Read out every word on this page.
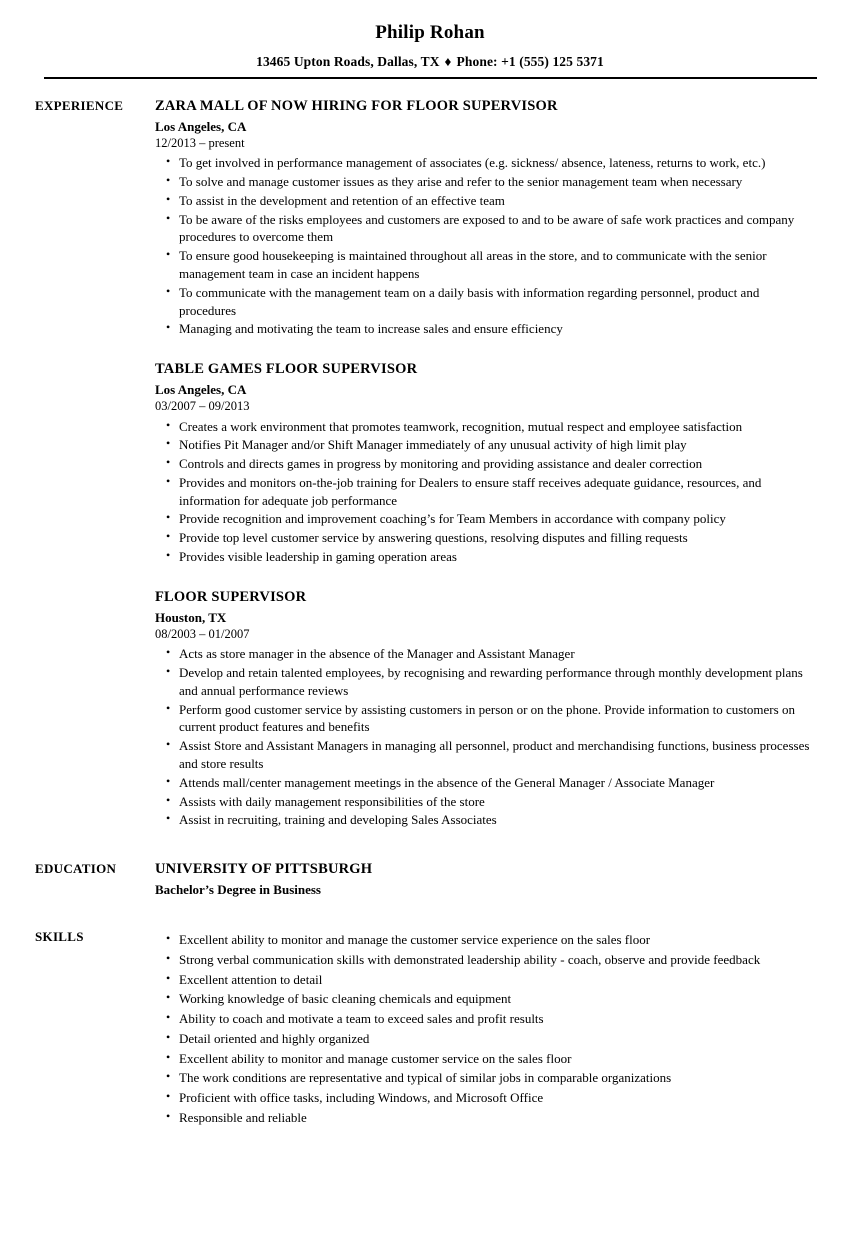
Philip Rohan
13465 Upton Roads, Dallas, TX ♦ Phone: +1 (555) 125 5371
EXPERIENCE	ZARA MALL OF NOW HIRING FOR FLOOR SUPERVISOR
Los Angeles, CA
12/2013 – present
• To get involved in performance management of associates (e.g. sickness/ absence, lateness, returns to work, etc.)
• To solve and manage customer issues as they arise and refer to the senior management team when necessary
• To assist in the development and retention of an effective team
• To be aware of the risks employees and customers are exposed to and to be aware of safe work practices and company procedures to overcome them
• To ensure good housekeeping is maintained throughout all areas in the store, and to communicate with the senior management team in case an incident happens
• To communicate with the management team on a daily basis with information regarding personnel, product and procedures
• Managing and motivating the team to increase sales and ensure efficiency
TABLE GAMES FLOOR SUPERVISOR
Los Angeles, CA
03/2007 – 09/2013
• Creates a work environment that promotes teamwork, recognition, mutual respect and employee satisfaction
• Notifies Pit Manager and/or Shift Manager immediately of any unusual activity of high limit play
• Controls and directs games in progress by monitoring and providing assistance and dealer correction
• Provides and monitors on-the-job training for Dealers to ensure staff receives adequate guidance, resources, and information for adequate job performance
• Provide recognition and improvement coaching’s for Team Members in accordance with company policy
• Provide top level customer service by answering questions, resolving disputes and filling requests
• Provides visible leadership in gaming operation areas
FLOOR SUPERVISOR
Houston, TX
08/2003 – 01/2007
• Acts as store manager in the absence of the Manager and Assistant Manager
• Develop and retain talented employees, by recognising and rewarding performance through monthly development plans and annual performance reviews
• Perform good customer service by assisting customers in person or on the phone. Provide information to customers on current product features and benefits
• Assist Store and Assistant Managers in managing all personnel, product and merchandising functions, business processes and store results
• Attends mall/center management meetings in the absence of the General Manager / Associate Manager
• Assists with daily management responsibilities of the store
• Assist in recruiting, training and developing Sales Associates
EDUCATION	UNIVERSITY OF PITTSBURGH
Bachelor’s Degree in Business
SKILLS	• Excellent ability to monitor and manage the customer service experience on the sales floor
• Strong verbal communication skills with demonstrated leadership ability - coach, observe and provide feedback
• Excellent attention to detail
• Working knowledge of basic cleaning chemicals and equipment
• Ability to coach and motivate a team to exceed sales and profit results
• Detail oriented and highly organized
• Excellent ability to monitor and manage customer service on the sales floor
• The work conditions are representative and typical of similar jobs in comparable organizations
• Proficient with office tasks, including Windows, and Microsoft Office
• Responsible and reliable
